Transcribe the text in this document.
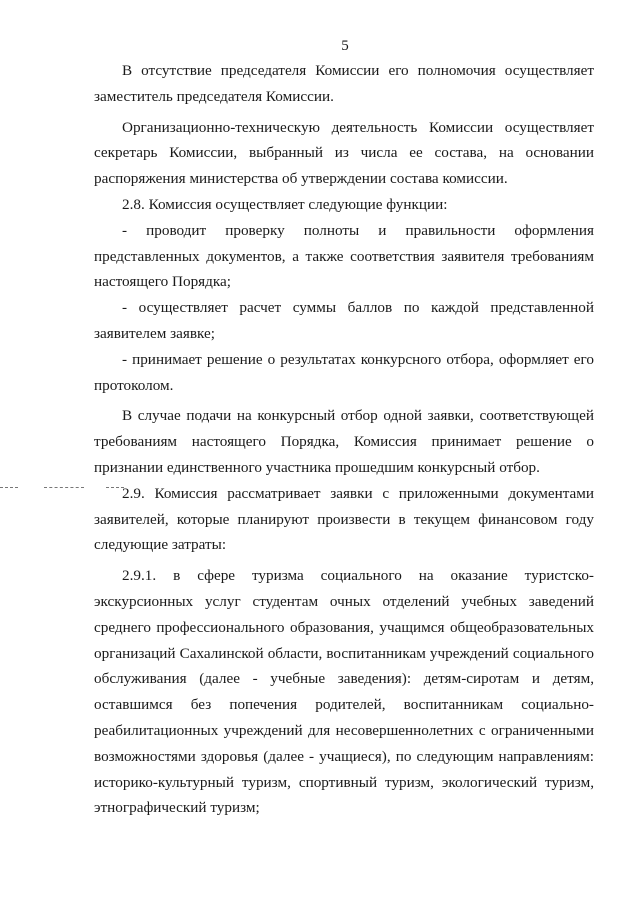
5
В отсутствие председателя Комиссии его полномочия осуществляет
заместитель председателя Комиссии.
Организационно-техническую деятельность Комиссии осуществляет
секретарь Комиссии, выбранный из числа ее состава, на основании
распоряжения министерства об утверждении состава комиссии.
2.8. Комиссия осуществляет следующие функции:
- проводит проверку полноты и правильности оформления
представленных документов, а также соответствия заявителя требованиям
настоящего Порядка;
- осуществляет расчет суммы баллов по каждой представленной
заявителем заявке;
- принимает решение о результатах конкурсного отбора, оформляет его
протоколом.
В случае подачи на конкурсный отбор одной заявки, соответствующей
требованиям настоящего Порядка, Комиссия принимает решение о
признании единственного участника прошедшим конкурсный отбор.
2.9. Комиссия рассматривает заявки с приложенными документами
заявителей, которые планируют произвести в текущем финансовом году
следующие затраты:
2.9.1. в сфере туризма социального на оказание туристско-
экскурсионных услуг студентам очных отделений учебных заведений
среднего профессионального образования, учащимся общеобразовательных
организаций Сахалинской области, воспитанникам учреждений социального
обслуживания (далее - учебные заведения): детям-сиротам и детям,
оставшимся без попечения родителей, воспитанникам социально-
реабилитационных учреждений для несовершеннолетних с ограниченными
возможностями здоровья (далее - учащиеся), по следующим направлениям:
историко-культурный туризм, спортивный туризм, экологический туризм,
этнографический туризм;
